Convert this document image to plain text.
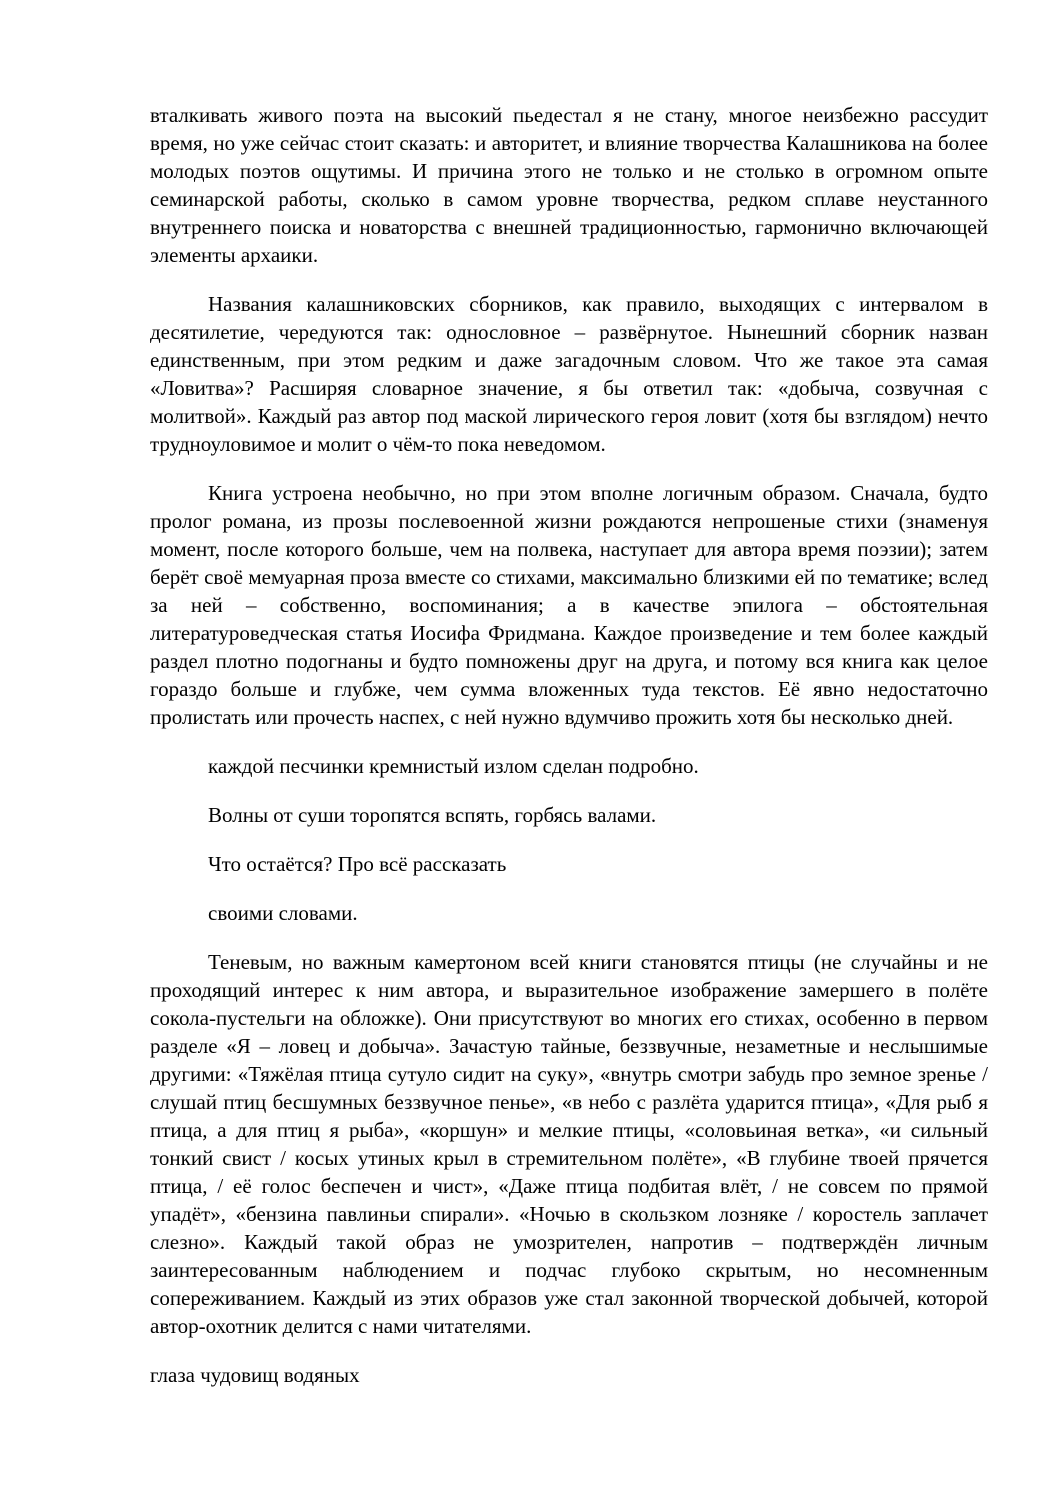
вталкивать живого поэта на высокий пьедестал я не стану, многое неизбежно рассудит время, но уже сейчас стоит сказать: и авторитет, и влияние творчества Калашникова на более молодых поэтов ощутимы. И причина этого не только и не столько в огромном опыте семинарской работы, сколько в самом уровне творчества, редком сплаве неустанного внутреннего поиска и новаторства с внешней традиционностью, гармонично включающей элементы архаики.

Названия калашниковских сборников, как правило, выходящих с интервалом в десятилетие, чередуются так: однословное – развёрнутое. Нынешний сборник назван единственным, при этом редким и даже загадочным словом. Что же такое эта самая «Ловитва»? Расширяя словарное значение, я бы ответил так: «добыча, созвучная с молитвой». Каждый раз автор под маской лирического героя ловит (хотя бы взглядом) нечто трудноуловимое и молит о чём-то пока неведомом.

Книга устроена необычно, но при этом вполне логичным образом. Сначала, будто пролог романа, из прозы послевоенной жизни рождаются непрошеные стихи (знаменуя момент, после которого больше, чем на полвека, наступает для автора время поэзии); затем берёт своё мемуарная проза вместе со стихами, максимально близкими ей по тематике; вслед за ней – собственно, воспоминания; а в качестве эпилога – обстоятельная литературоведческая статья Иосифа Фридмана. Каждое произведение и тем более каждый раздел плотно подогнаны и будто помножены друг на друга, и потому вся книга как целое гораздо больше и глубже, чем сумма вложенных туда текстов. Её явно недостаточно пролистать или прочесть наспех, с ней нужно вдумчиво прожить хотя бы несколько дней.

каждой песчинки кремнистый излом сделан подробно.

Волны от суши торопятся вспять, горбясь валами.

Что остаётся? Про всё рассказать

своими словами.

Теневым, но важным камертоном всей книги становятся птицы (не случайны и не проходящий интерес к ним автора, и выразительное изображение замершего в полёте сокола-пустельги на обложке). Они присутствуют во многих его стихах, особенно в первом разделе «Я – ловец и добыча». Зачастую тайные, беззвучные, незаметные и неслышимые другими: «Тяжёлая птица сутуло сидит на суку», «внутрь смотри забудь про земное зренье / слушай птиц бесшумных беззвучное пенье», «в небо с разлёта ударится птица», «Для рыб я птица, а для птиц я рыба», «коршун» и мелкие птицы, «соловьиная ветка», «и сильный тонкий свист / косых утиных крыл в стремительном полёте», «В глубине твоей прячется птица, / её голос беспечен и чист», «Даже птица подбитая влёт, / не совсем по прямой упадёт», «бензина павлиньи спирали». «Ночью в скользком лозняке / коростель заплачет слезно». Каждый такой образ не умозрителен, напротив – подтверждён личным заинтересованным наблюдением и подчас глубоко скрытым, но несомненным сопереживанием. Каждый из этих образов уже стал законной творческой добычей, которой автор-охотник делится с нами читателями.

глаза чудовищ водяных
